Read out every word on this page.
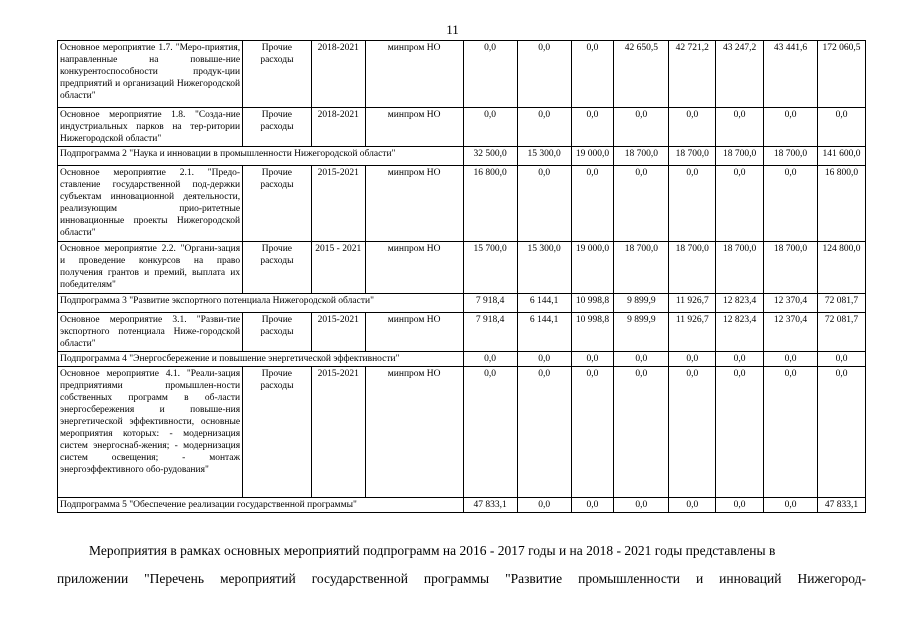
11
Основное мероприятие 1.7. "Меро-приятия, направленные на повыше-ние конкурентоспособности продук-ции предприятий и организаций Нижегородской области"	Прочие расходы	2018-2021	минпром НО	0,0	0,0	0,0	42 650,5	42 721,2	43 247,2	43 441,6	172 060,5
Основное мероприятие 1.8. "Созда-ние индустриальных парков на тер-ритории Нижегородской области"	Прочие расходы	2018-2021	минпром НО	0,0	0,0	0,0	0,0	0,0	0,0	0,0	0,0
Подпрограмма 2 "Наука и инновации в промышленности Нижегородской области"				32 500,0	15 300,0	19 000,0	18 700,0	18 700,0	18 700,0	18 700,0	141 600,0
Основное мероприятие 2.1. "Предо-ставление государственной под-держки субъектам инновационной деятельности, реализующим прио-ритетные инновационные проекты Нижегородской области"	Прочие расходы	2015-2021	минпром НО	16 800,0	0,0	0,0	0,0	0,0	0,0	0,0	16 800,0
Основное мероприятие 2.2. "Органи-зация и проведение конкурсов на право получения грантов и премий, выплата их победителям"	Прочие расходы	2015 - 2021	минпром НО	15 700,0	15 300,0	19 000,0	18 700,0	18 700,0	18 700,0	18 700,0	124 800,0
Подпрограмма 3 "Развитие экспортного потенциала Нижегородской области"				7 918,4	6 144,1	10 998,8	9 899,9	11 926,7	12 823,4	12 370,4	72 081,7
Основное мероприятие 3.1. "Разви-тие экспортного потенциала Ниже-городской области"	Прочие расходы	2015-2021	минпром НО	7 918,4	6 144,1	10 998,8	9 899,9	11 926,7	12 823,4	12 370,4	72 081,7
Подпрограмма 4 "Энергосбережение и повышение энергетической эффективности"				0,0	0,0	0,0	0,0	0,0	0,0	0,0	0,0
Основное мероприятие 4.1. "Реали-зация предприятиями промышлен-ности собственных программ в об-ласти энергосбережения и повыше-ния энергетической эффективности, основные мероприятия которых: - модернизация систем энергоснаб-жения; - модернизация систем освещения; - монтаж энергоэффективного обо-рудования"	Прочие расходы	2015-2021	минпром НО	0,0	0,0	0,0	0,0	0,0	0,0	0,0	0,0
Подпрограмма 5 "Обеспечение реализации государственной программы"				47 833,1	0,0	0,0	0,0	0,0	0,0	0,0	47 833,1
Мероприятия в рамках основных мероприятий подпрограмм на 2016 - 2017 годы и на 2018 - 2021 годы представлены в
приложении "Перечень мероприятий государственной программы "Развитие промышленности и инноваций Нижегород-
